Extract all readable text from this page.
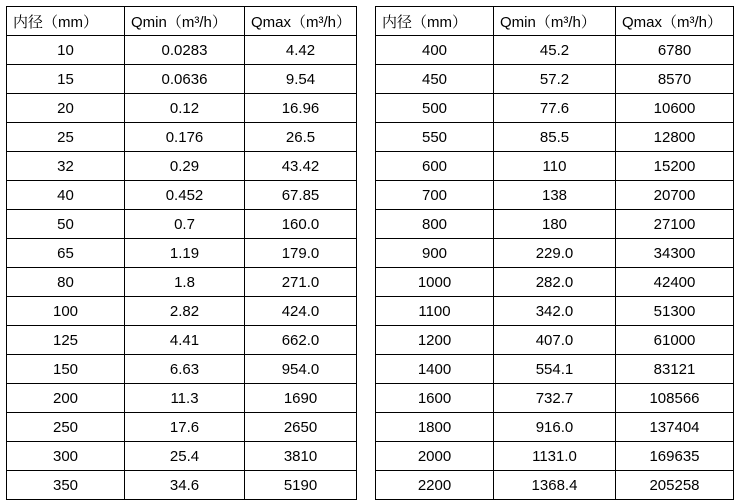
内径（mm）	Qmin（m³/h）	Qmax（m³/h）
10	0.0283	4.42
15	0.0636	9.54
20	0.12	16.96
25	0.176	26.5
32	0.29	43.42
40	0.452	67.85
50	0.7	160.0
65	1.19	179.0
80	1.8	271.0
100	2.82	424.0
125	4.41	662.0
150	6.63	954.0
200	11.3	1690
250	17.6	2650
300	25.4	3810
350	34.6	5190
内径（mm）	Qmin（m³/h）	Qmax（m³/h）
400	45.2	6780
450	57.2	8570
500	77.6	10600
550	85.5	12800
600	110	15200
700	138	20700
800	180	27100
900	229.0	34300
1000	282.0	42400
1100	342.0	51300
1200	407.0	61000
1400	554.1	83121
1600	732.7	108566
1800	916.0	137404
2000	1131.0	169635
2200	1368.4	205258
